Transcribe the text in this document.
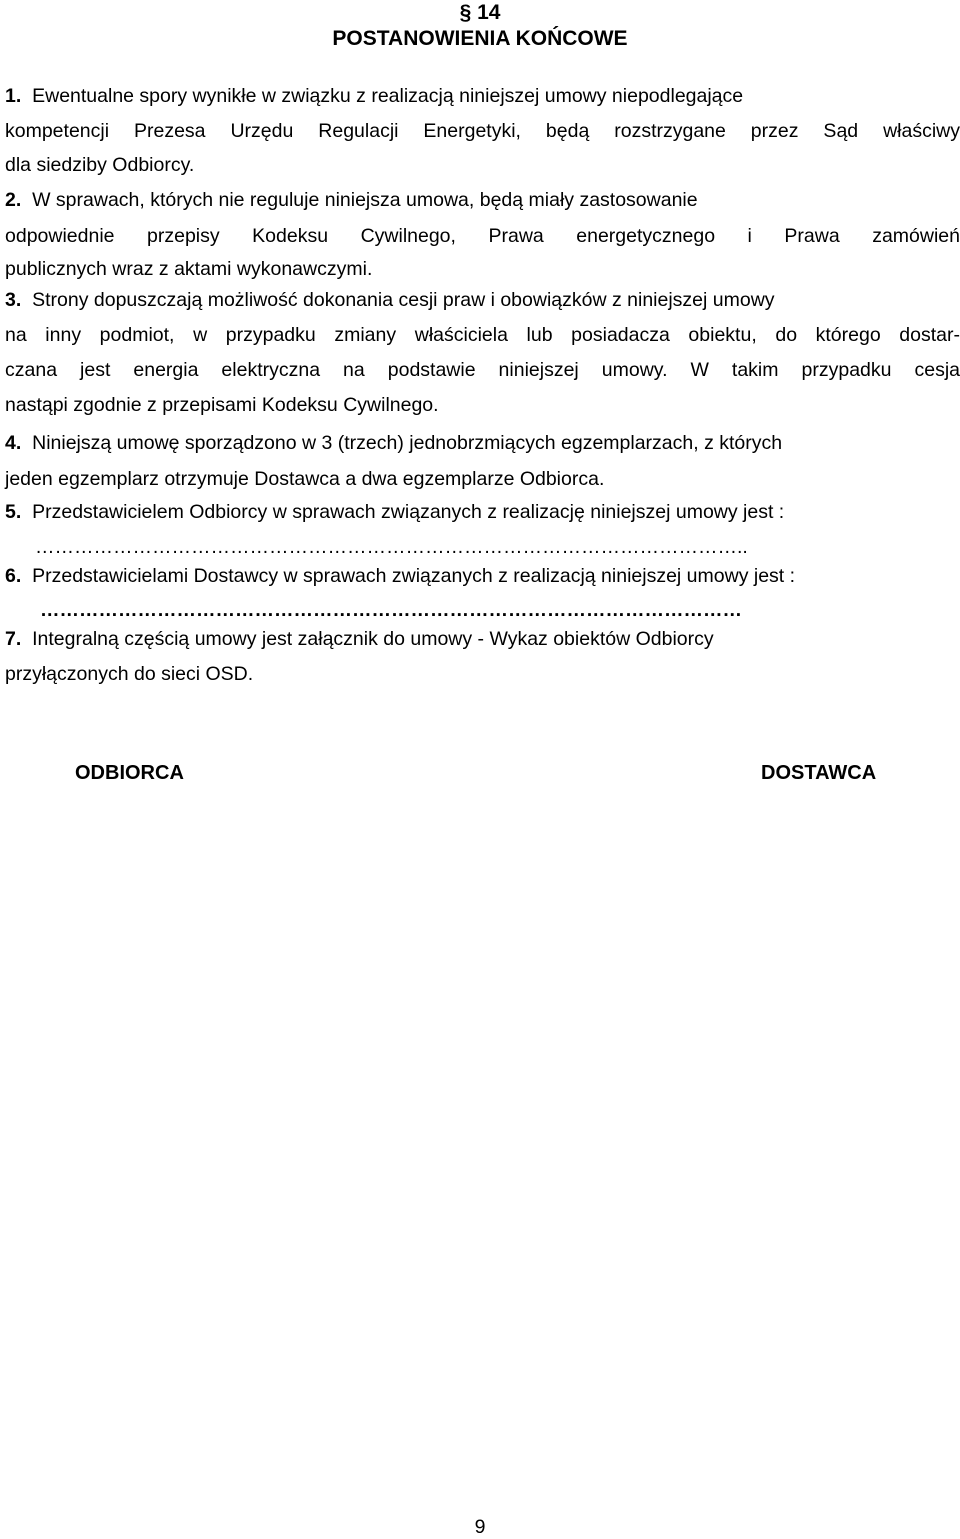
§ 14
POSTANOWIENIA KOŃCOWE
1. Ewentualne spory wynikłe w związku z realizacją niniejszej umowy niepodlegające
kompetencji Prezesa Urzędu Regulacji Energetyki, będą rozstrzygane przez Sąd właściwy
dla siedziby Odbiorcy.
2. W sprawach, których nie reguluje niniejsza umowa, będą miały zastosowanie
odpowiednie przepisy Kodeksu Cywilnego, Prawa energetycznego i Prawa zamówień
publicznych wraz z aktami wykonawczymi.
3. Strony dopuszczają możliwość dokonania cesji praw i obowiązków z niniejszej umowy
na inny podmiot, w przypadku zmiany właściciela lub posiadacza obiektu, do którego dostar-
czana jest energia elektryczna na podstawie niniejszej umowy. W takim przypadku cesja
nastąpi zgodnie z przepisami Kodeksu Cywilnego.
4. Niniejszą umowę sporządzono w 3 (trzech) jednobrzmiących egzemplarzach, z których
jeden egzemplarz otrzymuje Dostawca a dwa egzemplarze Odbiorca.
5. Przedstawicielem Odbiorcy w sprawach związanych z realizację niniejszej umowy jest :
………………………………………………………………………………………………..
6. Przedstawicielami Dostawcy w sprawach związanych z realizacją niniejszej umowy jest :
………………………………………………………………………………………………
7. Integralną częścią umowy jest załącznik do umowy - Wykaz obiektów Odbiorcy
przyłączonych do sieci OSD.
ODBIORCA	DOSTAWCA
9
